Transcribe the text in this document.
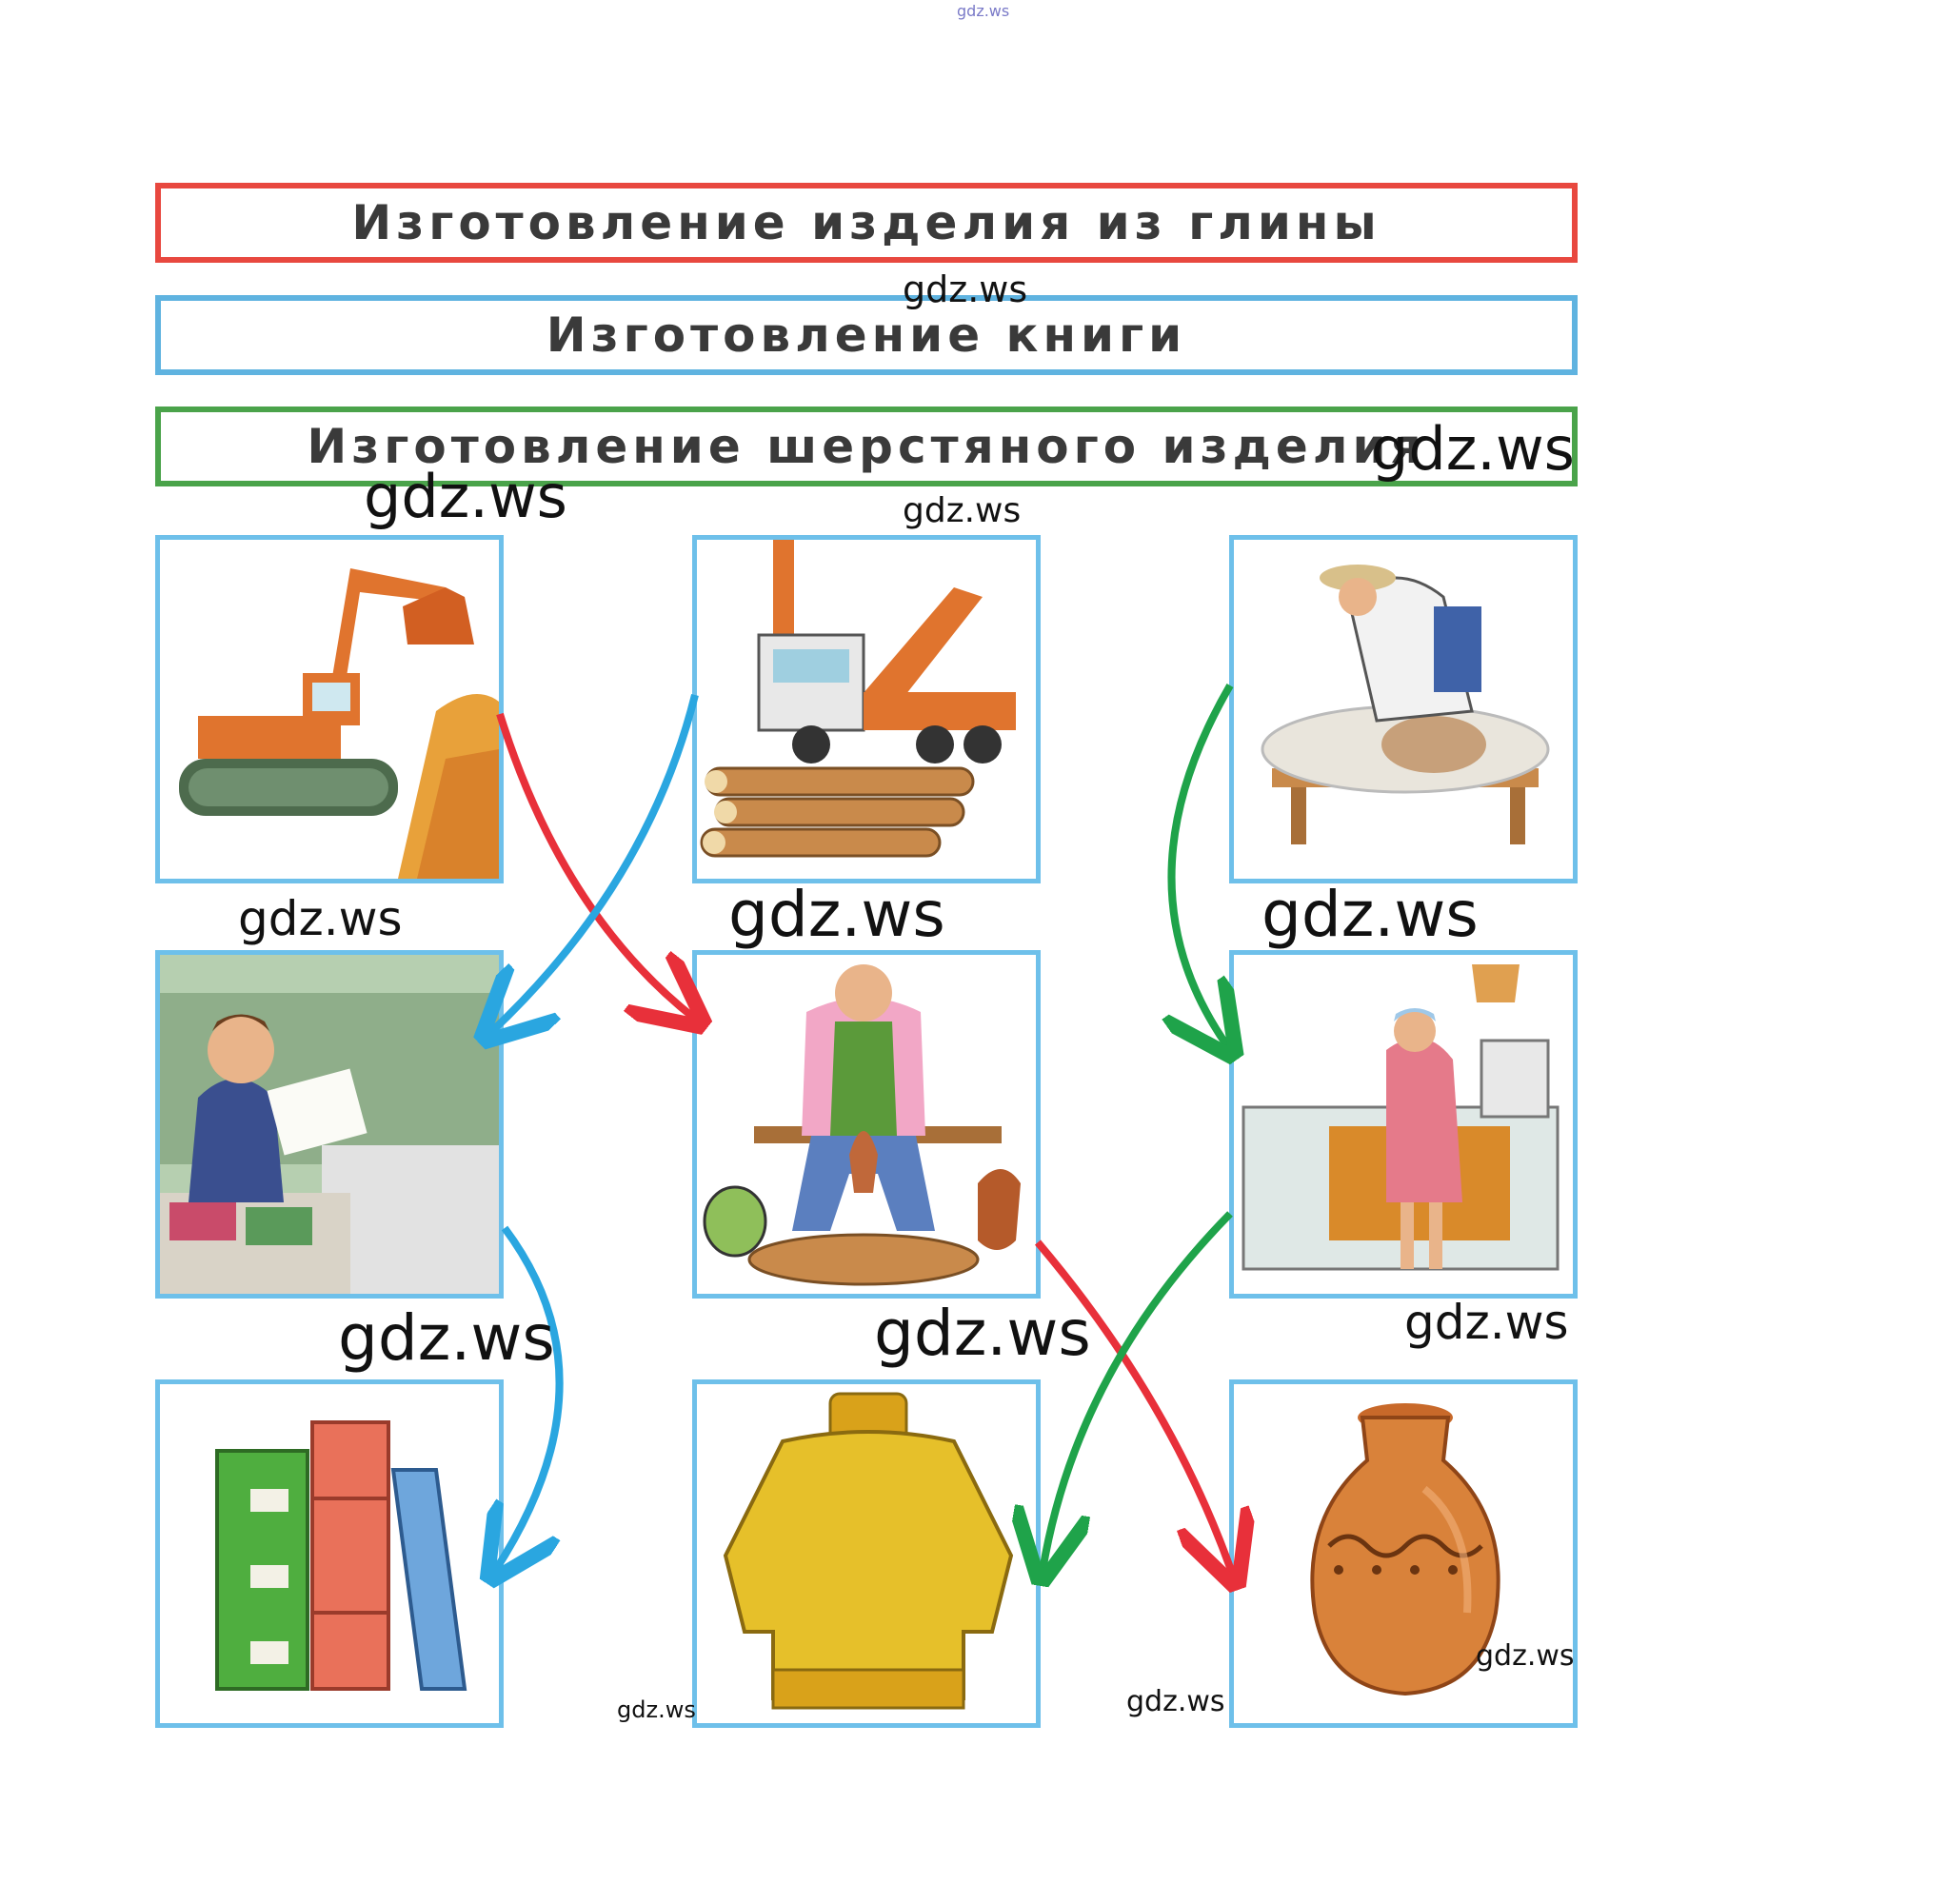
Изготовление изделия из глины
Изготовление книги
Изготовление шерстяного изделия
gdz.ws
gdz.ws
gdz.ws
gdz.ws	gdz.ws
gdz.ws	gdz.ws	gdz.ws
gdz.ws	gdz.ws	gdz.ws
gdz.ws
gdz.ws
gdz.ws
